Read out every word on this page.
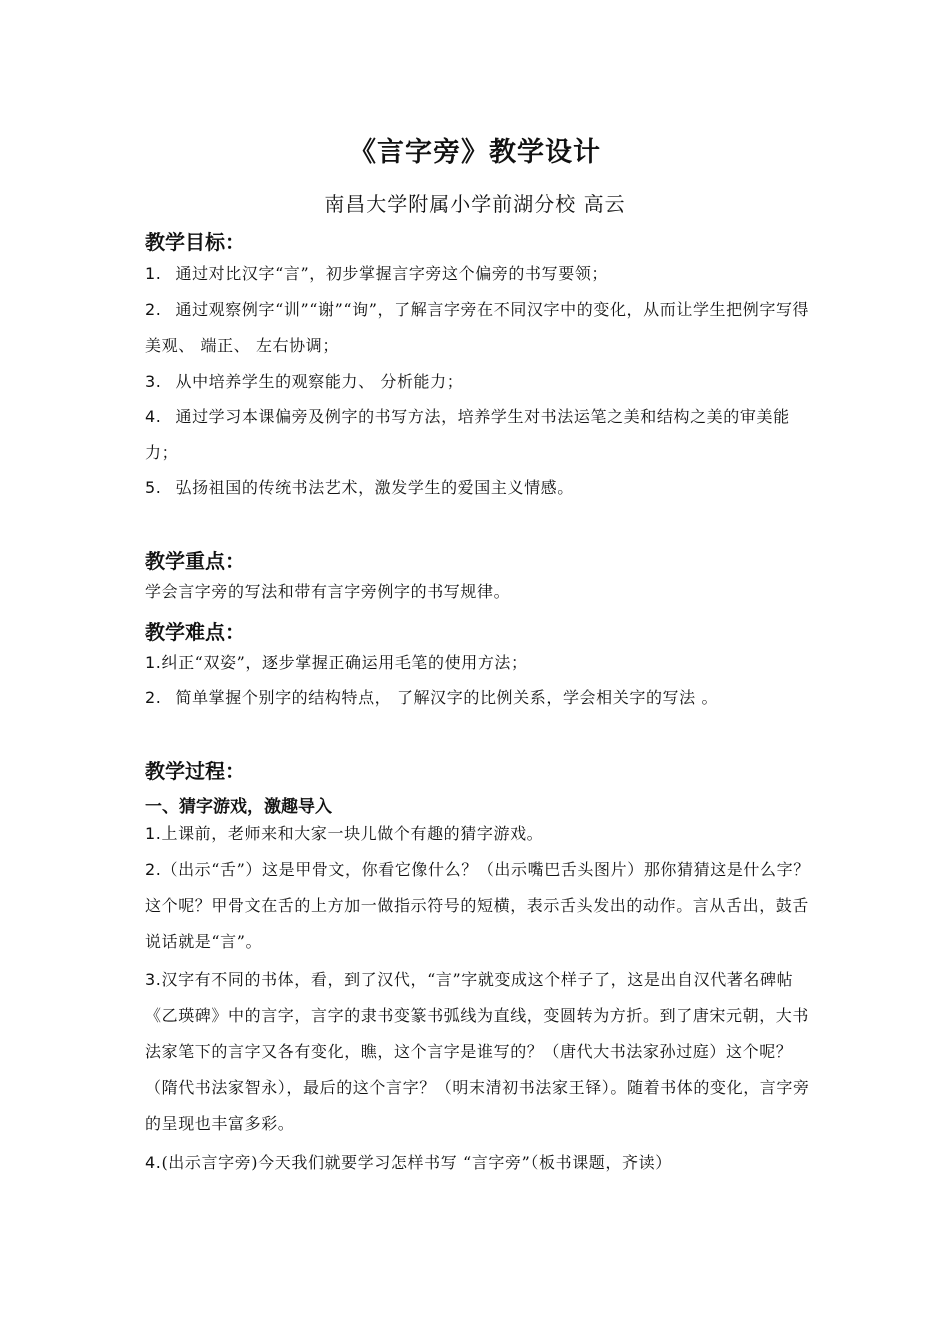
《言字旁》教学设计
南昌大学附属小学前湖分校 高云
教学目标：

1. 通过对比汉字“言”，初步掌握言字旁这个偏旁的书写要领；

2. 通过观察例字“训”“谢”“询”，了解言字旁在不同汉字中的变化，从而让学生把例字写得美观、 端正、 左右协调；

3. 从中培养学生的观察能力、 分析能力；

4. 通过学习本课偏旁及例字的书写方法，培养学生对书法运笔之美和结构之美的审美能力；

5. 弘扬祖国的传统书法艺术，激发学生的爱国主义情感。

教学重点：

学会言字旁的写法和带有言字旁例字的书写规律。

教学难点：

1.纠正“双姿”，逐步掌握正确运用毛笔的使用方法；

2. 简单掌握个别字的结构特点， 了解汉字的比例关系，学会相关字的写法 。

教学过程：
一、猜字游戏，激趣导入

1.上课前，老师来和大家一块儿做个有趣的猜字游戏。

2.（出示“舌”）这是甲骨文，你看它像什么？（出示嘴巴舌头图片）那你猜猜这是什么字？这个呢？甲骨文在舌的上方加一做指示符号的短横，表示舌头发出的动作。言从舌出，鼓舌说话就是“言”。

3.汉字有不同的书体，看，到了汉代，“言”字就变成这个样子了，这是出自汉代著名碑帖《乙瑛碑》中的言字，言字的隶书变篆书弧线为直线，变圆转为方折。到了唐宋元朝，大书法家笔下的言字又各有变化，瞧，这个言字是谁写的？（唐代大书法家孙过庭）这个呢？（隋代书法家智永），最后的这个言字？（明末清初书法家王铎）。随着书体的变化，言字旁的呈现也丰富多彩。

4.(出示言字旁)今天我们就要学习怎样书写 “言字旁”（板书课题，齐读）
